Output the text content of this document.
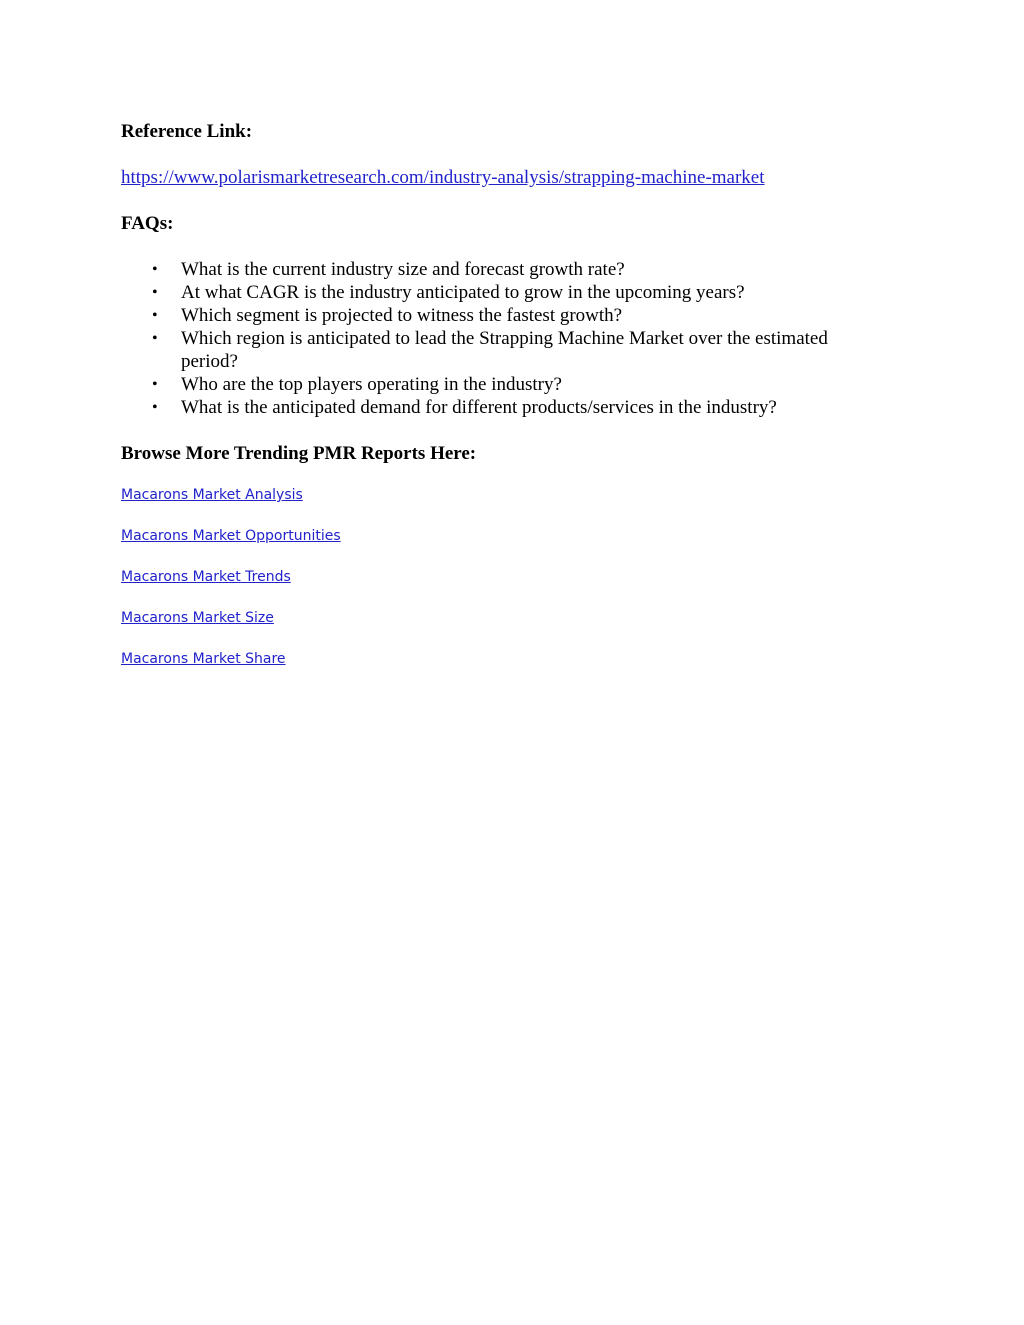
Reference Link:

https://www.polarismarketresearch.com/industry-analysis/strapping-machine-market

FAQs:

• What is the current industry size and forecast growth rate?
• At what CAGR is the industry anticipated to grow in the upcoming years?
• Which segment is projected to witness the fastest growth?
• Which region is anticipated to lead the Strapping Machine Market over the estimated period?
• Who are the top players operating in the industry?
• What is the anticipated demand for different products/services in the industry?

Browse More Trending PMR Reports Here:

Macarons Market Analysis
Macarons Market Opportunities
Macarons Market Trends
Macarons Market Size
Macarons Market Share
